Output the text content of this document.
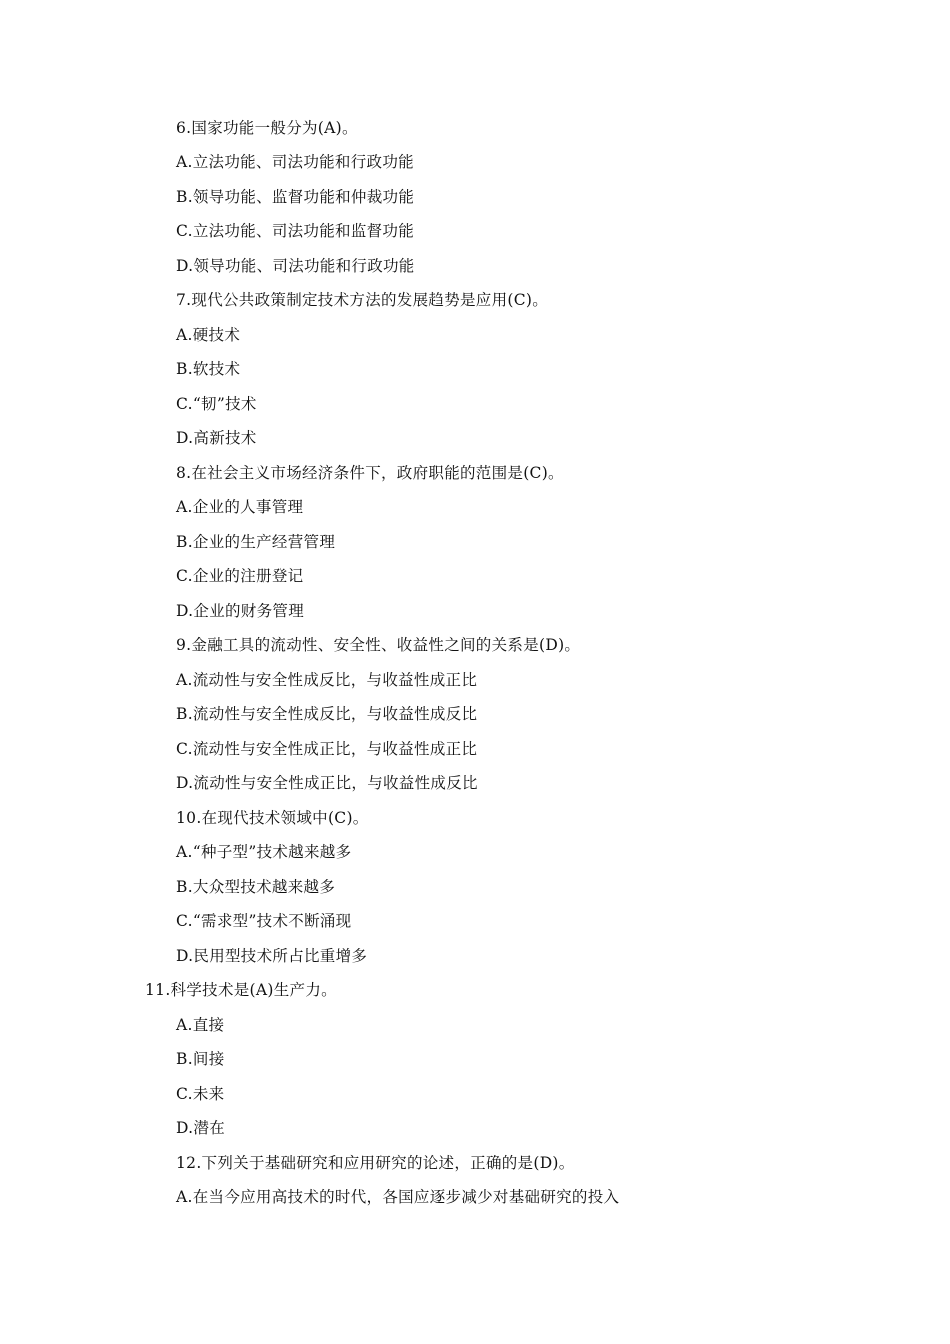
6.国家功能一般分为(A)。
A.立法功能、司法功能和行政功能
B.领导功能、监督功能和仲裁功能
C.立法功能、司法功能和监督功能
D.领导功能、司法功能和行政功能
7.现代公共政策制定技术方法的发展趋势是应用(C)。
A.硬技术
B.软技术
C.“韧”技术
D.高新技术
8.在社会主义市场经济条件下，政府职能的范围是(C)。
A.企业的人事管理
B.企业的生产经营管理
C.企业的注册登记
D.企业的财务管理
9.金融工具的流动性、安全性、收益性之间的关系是(D)。
A.流动性与安全性成反比，与收益性成正比
B.流动性与安全性成反比，与收益性成反比
C.流动性与安全性成正比，与收益性成正比
D.流动性与安全性成正比，与收益性成反比
10.在现代技术领域中(C)。
A.“种子型”技术越来越多
B.大众型技术越来越多
C.“需求型”技术不断涌现
D.民用型技术所占比重增多
11.科学技术是(A)生产力。
A.直接
B.间接
C.未来
D.潜在
12.下列关于基础研究和应用研究的论述，正确的是(D)。
A.在当今应用高技术的时代，各国应逐步减少对基础研究的投入
